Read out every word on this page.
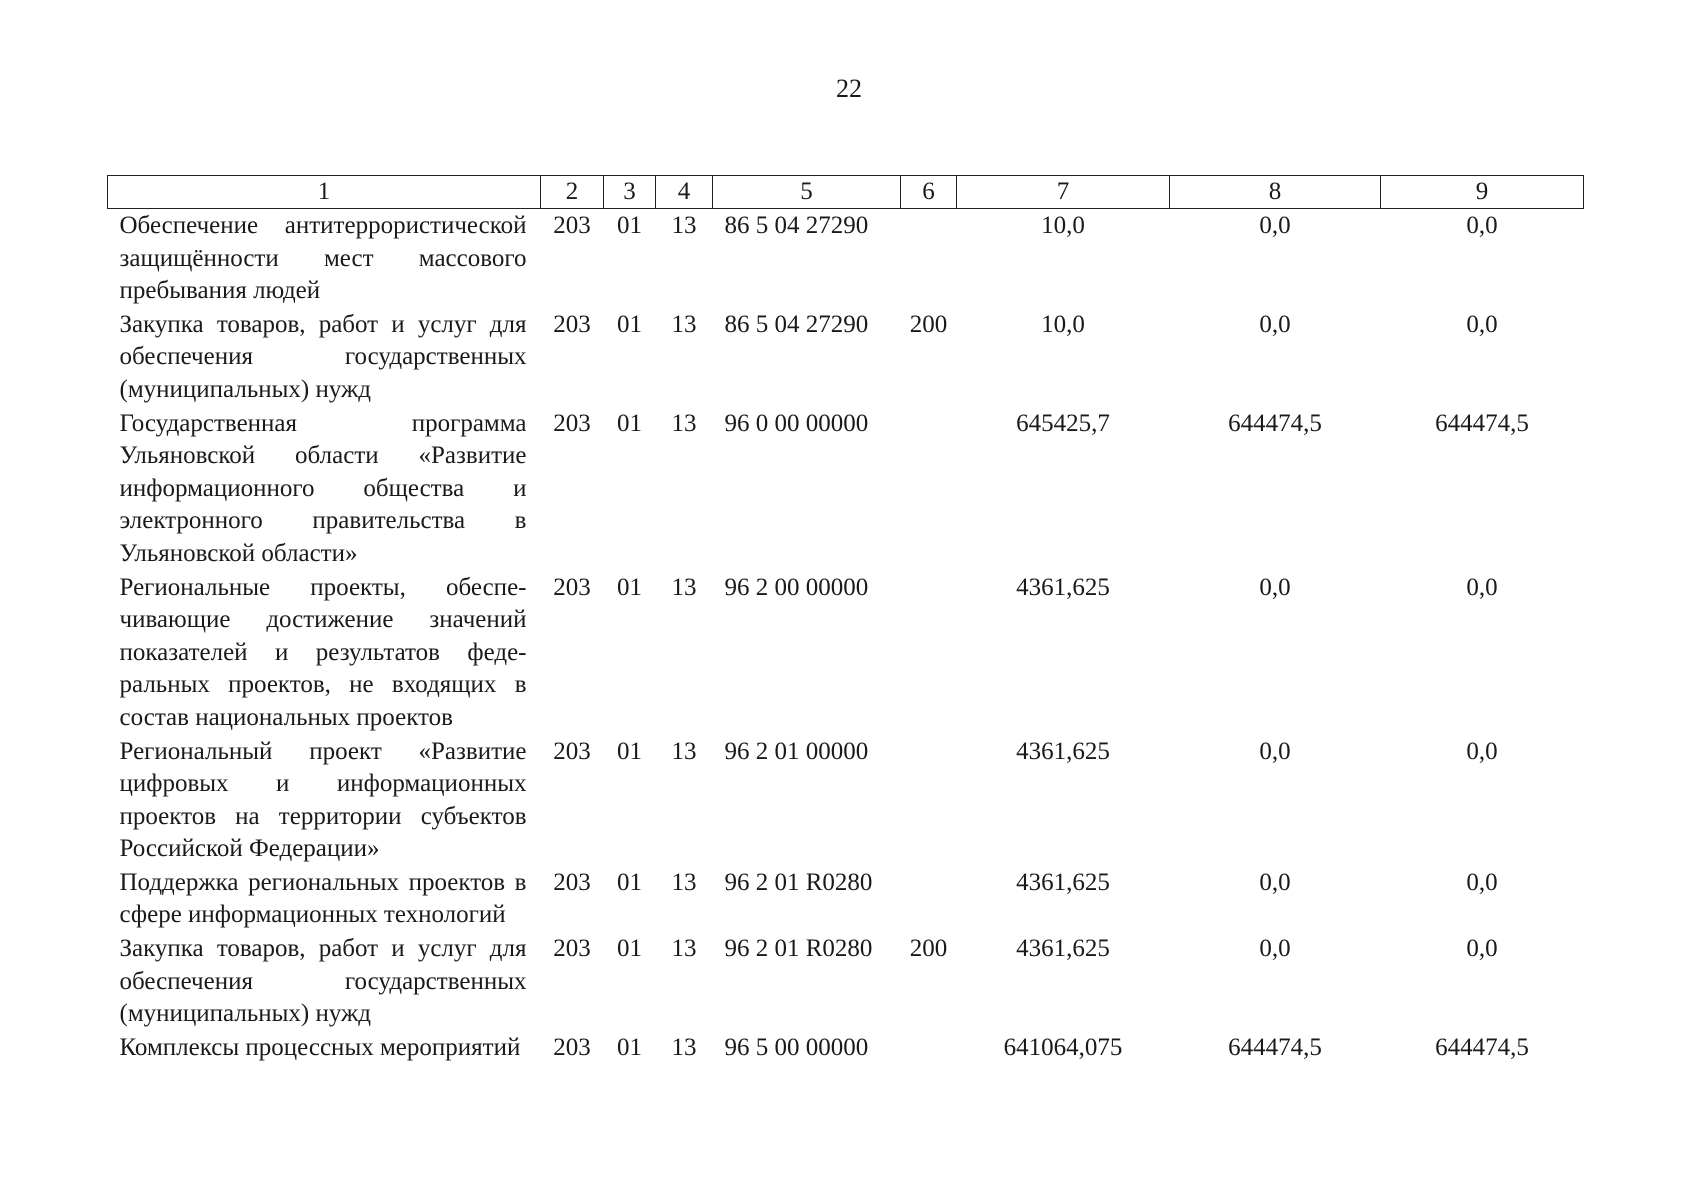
22
1	2	3	4	5	6	7	8	9
Обеспечение антитеррористической защищённости мест массового пребывания людей	203	01	13	86 5 04 27290		10,0	0,0	0,0
Закупка товаров, работ и услуг для обеспечения государственных (муниципальных) нужд	203	01	13	86 5 04 27290	200	10,0	0,0	0,0
Государственная программа Ульяновской области «Развитие информационного общества и электронного правительства в Ульяновской области»	203	01	13	96 0 00 00000		645425,7	644474,5	644474,5
Региональные проекты, обеспечивающие достижение значений показателей и результатов федеральных проектов, не входящих в состав национальных проектов	203	01	13	96 2 00 00000		4361,625	0,0	0,0
Региональный проект «Развитие цифровых и информационных проектов на территории субъектов Российской Федерации»	203	01	13	96 2 01 00000		4361,625	0,0	0,0
Поддержка региональных проектов в сфере информационных технологий	203	01	13	96 2 01 R0280		4361,625	0,0	0,0
Закупка товаров, работ и услуг для обеспечения государственных (муниципальных) нужд	203	01	13	96 2 01 R0280	200	4361,625	0,0	0,0
Комплексы процессных мероприятий	203	01	13	96 5 00 00000		641064,075	644474,5	644474,5
